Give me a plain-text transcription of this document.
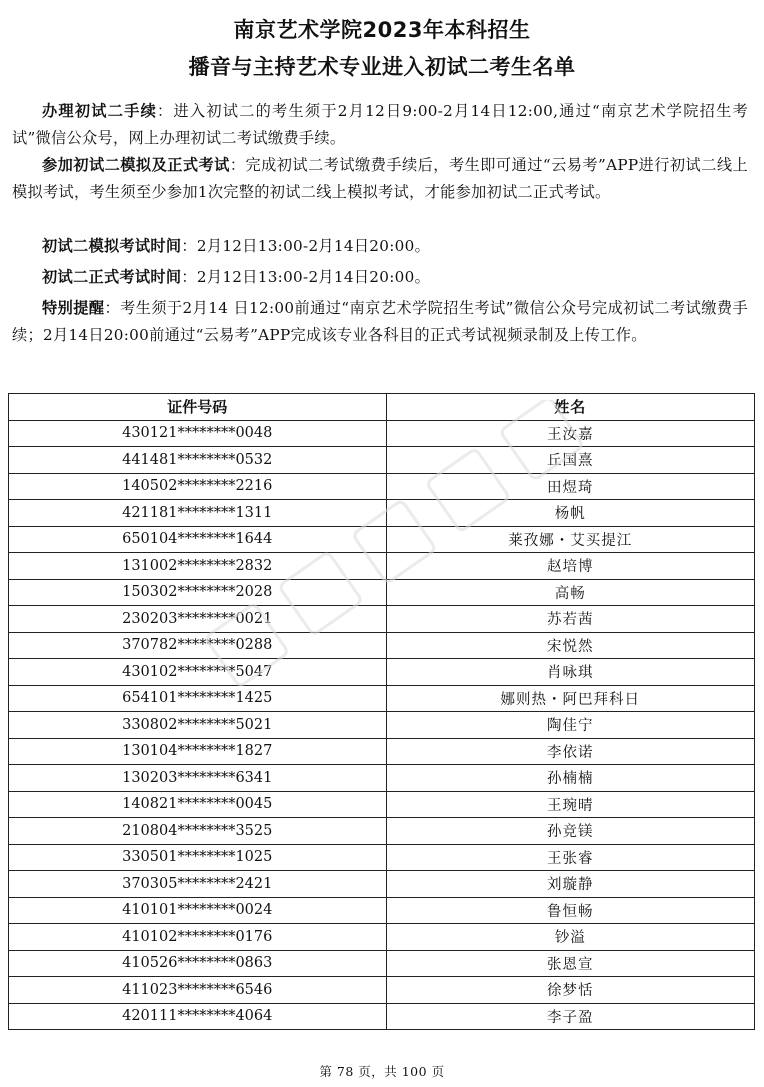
南京艺术学院2023年本科招生
播音与主持艺术专业进入初试二考生名单
办理初试二手续：进入初试二的考生须于2月12日9:00-2月14日12:00,通过“南京艺术学院招生考试”微信公众号，网上办理初试二考试缴费手续。
参加初试二模拟及正式考试：完成初试二考试缴费手续后，考生即可通过“云易考”APP进行初试二线上模拟考试，考生须至少参加1次完整的初试二线上模拟考试，才能参加初试二正式考试。
初试二模拟考试时间：2月12日13:00-2月14日20:00。
初试二正式考试时间：2月12日13:00-2月14日20:00。
特别提醒：考生须于2月14 日12:00前通过“南京艺术学院招生考试”微信公众号完成初试二考试缴费手续；2月14日20:00前通过“云易考”APP完成该专业各科目的正式考试视频录制及上传工作。
证件号码	姓名
430121********0048	王汝嘉
441481********0532	丘国熹
140502********2216	田煜琦
421181********1311	杨帆
650104********1644	莱孜娜・艾买提江
131002********2832	赵培博
150302********2028	高畅
230203********0021	苏若茜
370782********0288	宋悦然
430102********5047	肖咏琪
654101********1425	娜则热・阿巴拜科日
330802********5021	陶佳宁
130104********1827	李依诺
130203********6341	孙楠楠
140821********0045	王琬晴
210804********3525	孙竞镁
330501********1025	王张睿
370305********2421	刘璇静
410101********0024	鲁恒畅
410102********0176	钞溢
410526********0863	张恩宣
411023********6546	徐梦恬
420111********4064	李子盈
第 78 页，共 100 页
